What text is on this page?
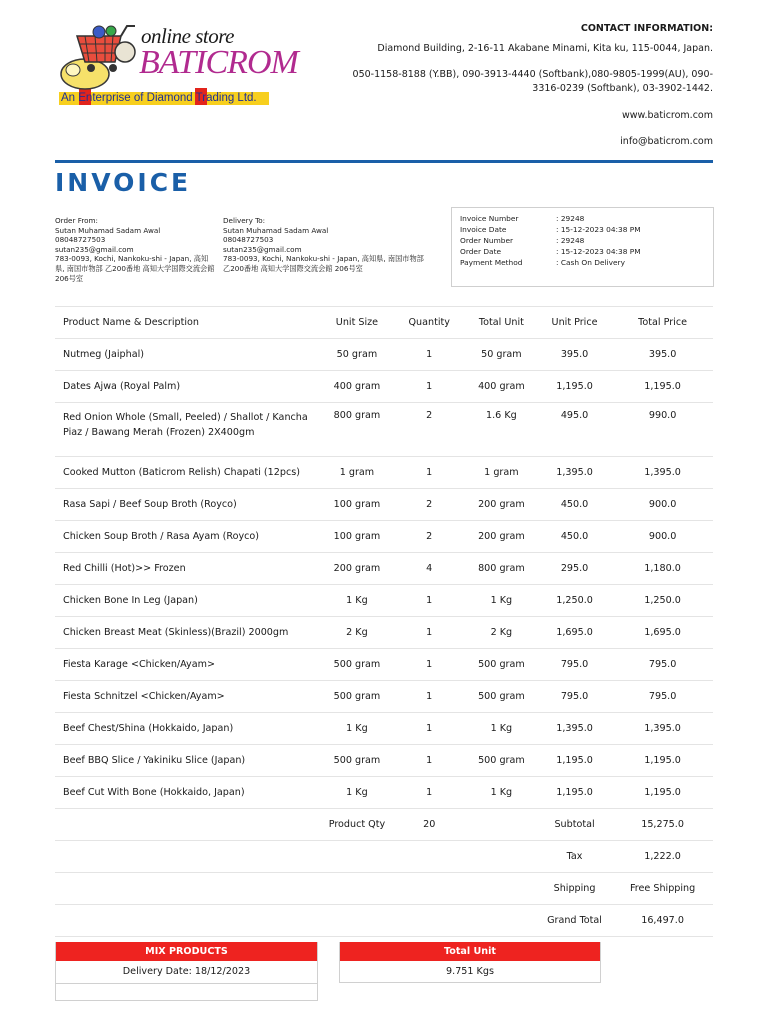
online store
BATICROM
An Enterprise of Diamond Trading Ltd.
CONTACT INFORMATION:
Diamond Building, 2-16-11 Akabane Minami, Kita ku, 115-0044, Japan.
050-1158-8188 (Y.BB), 090-3913-4440 (Softbank),080-9805-1999(AU), 090-3316-0239 (Softbank), 03-3902-1442.
www.baticrom.com
info@baticrom.com
INVOICE
Order From:
Sutan Muhamad Sadam Awal
08048727503
sutan235@gmail.com
783-0093, Kochi, Nankoku-shi - Japan, 高知県, 南国市物部 乙200番地 高知大学国際交流会館 206号室
Delivery To:
Sutan Muhamad Sadam Awal
08048727503
sutan235@gmail.com
783-0093, Kochi, Nankoku-shi - Japan, 高知県, 南国市物部 乙200番地 高知大学国際交流会館 206号室
Invoice Number	: 29248
Invoice Date	: 15-12-2023 04:38 PM
Order Number	: 29248
Order Date	: 15-12-2023 04:38 PM
Payment Method	: Cash On Delivery
Product Name & Description	Unit Size	Quantity	Total Unit	Unit Price	Total Price
Nutmeg (Jaiphal)	50 gram	1	50 gram	395.0	395.0
Dates Ajwa (Royal Palm)	400 gram	1	400 gram	1,195.0	1,195.0

Red Onion Whole (Small, Peeled) / Shallot / Kancha Piaz / Bawang Merah (Frozen) 2X400gm	800 gram	2	1.6 Kg	495.0	990.0
Cooked Mutton (Baticrom Relish) Chapati (12pcs)	1 gram	1	1 gram	1,395.0	1,395.0
Rasa Sapi / Beef Soup Broth (Royco)	100 gram	2	200 gram	450.0	900.0
Chicken Soup Broth / Rasa Ayam (Royco)	100 gram	2	200 gram	450.0	900.0
Red Chilli (Hot)>> Frozen	200 gram	4	800 gram	295.0	1,180.0
Chicken Bone In Leg (Japan)	1 Kg	1	1 Kg	1,250.0	1,250.0
Chicken Breast Meat (Skinless)(Brazil) 2000gm	2 Kg	1	2 Kg	1,695.0	1,695.0
Fiesta Karage <Chicken/Ayam>	500 gram	1	500 gram	795.0	795.0
Fiesta Schnitzel <Chicken/Ayam>	500 gram	1	500 gram	795.0	795.0
Beef Chest/Shina (Hokkaido, Japan)	1 Kg	1	1 Kg	1,395.0	1,395.0
Beef BBQ Slice / Yakiniku Slice (Japan)	500 gram	1	500 gram	1,195.0	1,195.0
Beef Cut With Bone (Hokkaido, Japan)	1 Kg	1	1 Kg	1,195.0	1,195.0
	Product Qty	20		Subtotal	15,275.0
				Tax	1,222.0
				Shipping	Free Shipping
				Grand Total	16,497.0
MIX PRODUCTS
Delivery Date: 18/12/2023
Total Unit
9.751 Kgs
